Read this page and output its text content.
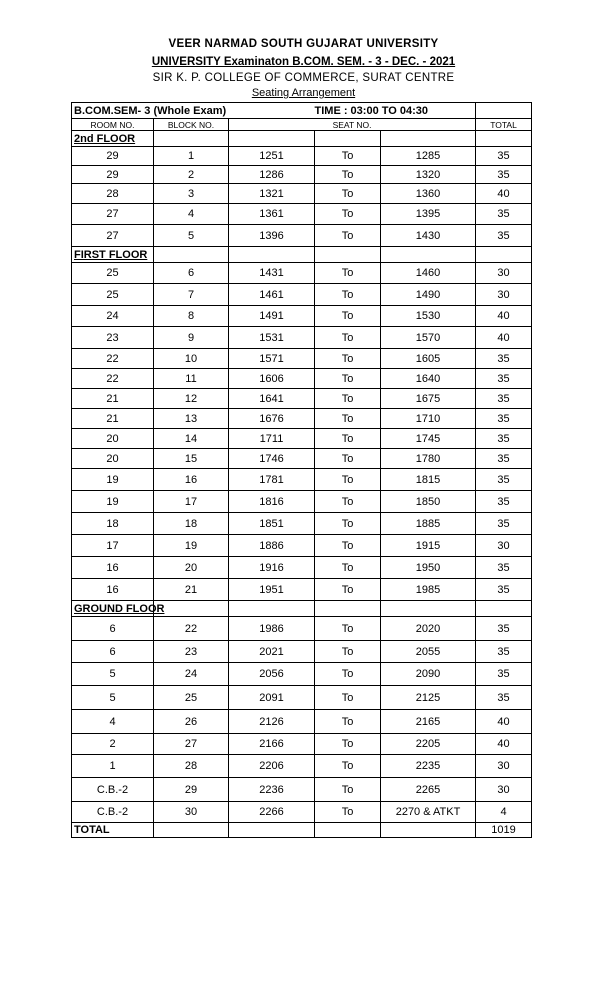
VEER NARMAD SOUTH GUJARAT UNIVERSITY
UNIVERSITY Examinaton B.COM. SEM. - 3 - DEC. - 2021
SIR K. P. COLLEGE OF COMMERCE, SURAT CENTRE
Seating Arrangement
B.COM.SEM- 3 (Whole Exam)			TIME : 03:00 TO 04:30		
ROOM NO.	BLOCK NO.	SEAT NO.			TOTAL
2nd FLOOR					
29	1	1251	To	1285	35
29	2	1286	To	1320	35
28	3	1321	To	1360	40
27	4	1361	To	1395	35
27	5	1396	To	1430	35
FIRST FLOOR					
25	6	1431	To	1460	30
25	7	1461	To	1490	30
24	8	1491	To	1530	40
23	9	1531	To	1570	40
22	10	1571	To	1605	35
22	11	1606	To	1640	35
21	12	1641	To	1675	35
21	13	1676	To	1710	35
20	14	1711	To	1745	35
20	15	1746	To	1780	35
19	16	1781	To	1815	35
19	17	1816	To	1850	35
18	18	1851	To	1885	35
17	19	1886	To	1915	30
16	20	1916	To	1950	35
16	21	1951	To	1985	35
GROUND FLOOR					
6	22	1986	To	2020	35
6	23	2021	To	2055	35
5	24	2056	To	2090	35
5	25	2091	To	2125	35
4	26	2126	To	2165	40
2	27	2166	To	2205	40
1	28	2206	To	2235	30
C.B.-2	29	2236	To	2265	30
C.B.-2	30	2266	To	2270 & ATKT	4
TOTAL					1019
